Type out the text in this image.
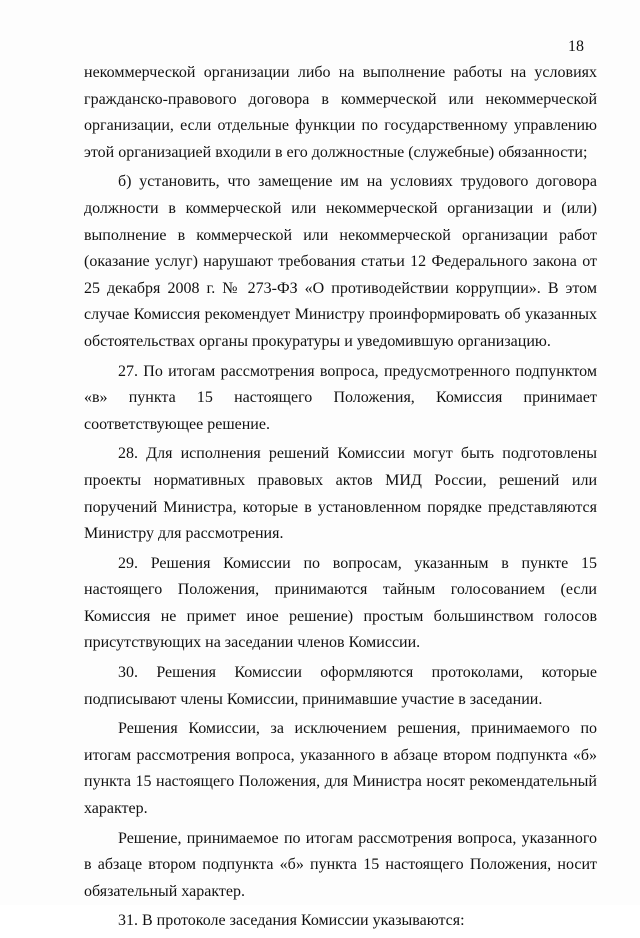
18

некоммерческой организации либо на выполнение работы на условиях гражданско-правового договора в коммерческой или некоммерческой организации, если отдельные функции по государственному управлению этой организацией входили в его должностные (служебные) обязанности;

б) установить, что замещение им на условиях трудового договора должности в коммерческой или некоммерческой организации и (или) выполнение в коммерческой или некоммерческой организации работ (оказание услуг) нарушают требования статьи 12 Федерального закона от 25 декабря 2008 г. № 273-ФЗ «О противодействии коррупции». В этом случае Комиссия рекомендует Министру проинформировать об указанных обстоятельствах органы прокуратуры и уведомившую организацию.

27. По итогам рассмотрения вопроса, предусмотренного подпунктом «в» пункта 15 настоящего Положения, Комиссия принимает соответствующее решение.

28. Для исполнения решений Комиссии могут быть подготовлены проекты нормативных правовых актов МИД России, решений или поручений Министра, которые в установленном порядке представляются Министру для рассмотрения.

29. Решения Комиссии по вопросам, указанным в пункте 15 настоящего Положения, принимаются тайным голосованием (если Комиссия не примет иное решение) простым большинством голосов присутствующих на заседании членов Комиссии.

30. Решения Комиссии оформляются протоколами, которые подписывают члены Комиссии, принимавшие участие в заседании.

Решения Комиссии, за исключением решения, принимаемого по итогам рассмотрения вопроса, указанного в абзаце втором подпункта «б» пункта 15 настоящего Положения, для Министра носят рекомендательный характер.

Решение, принимаемое по итогам рассмотрения вопроса, указанного в абзаце втором подпункта «б» пункта 15 настоящего Положения, носит обязательный характер.

31. В протоколе заседания Комиссии указываются:
